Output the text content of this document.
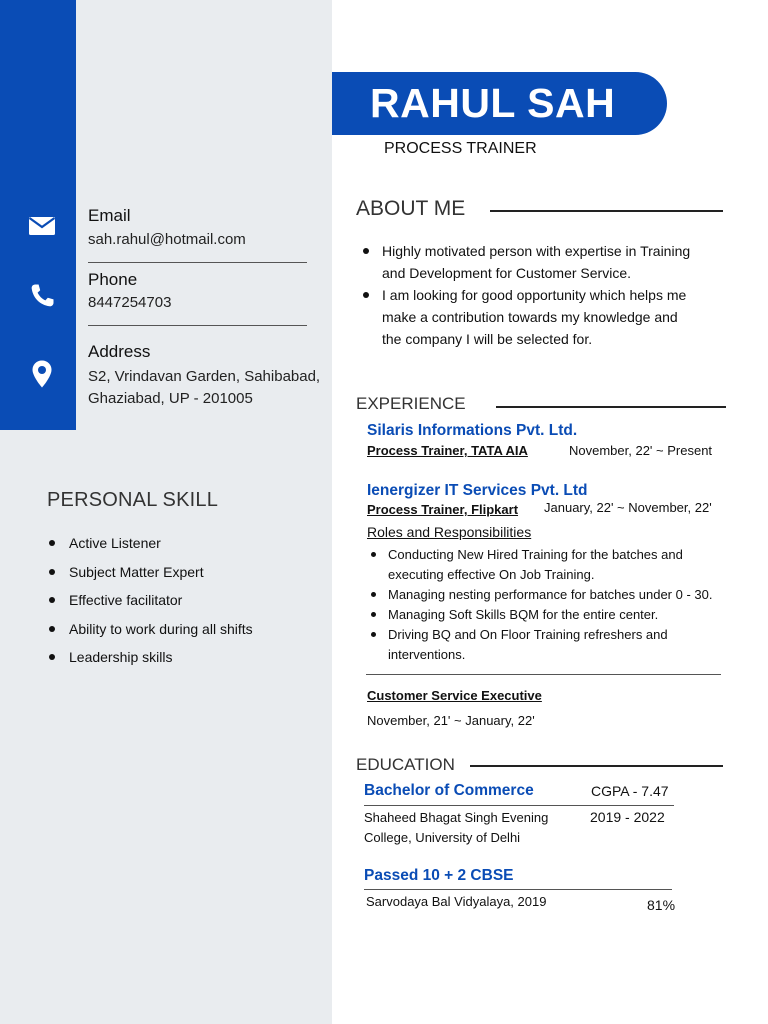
Email
sah.rahul@hotmail.com
Phone
8447254703
Address
S2, Vrindavan Garden, Sahibabad,
Ghaziabad, UP - 201005
PERSONAL SKILL
Active Listener
Subject Matter Expert
Effective facilitator
Ability to work during all shifts
Leadership skills
RAHUL SAH
PROCESS TRAINER
ABOUT ME
Highly motivated person with expertise in Training
and Development for Customer Service.
I am looking for good opportunity which helps me
make a contribution towards my knowledge and
the company I will be selected for.
EXPERIENCE
Silaris Informations Pvt. Ltd.
Process Trainer, TATA AIA	November, 22' ~ Present
Ienergizer IT Services Pvt. Ltd
Process Trainer, Flipkart January, 22' ~ November, 22'
Roles and Responsibilities
Conducting New Hired Training for the batches and
executing effective On Job Training.
Managing nesting performance for batches under 0 - 30.
Managing Soft Skills BQM for the entire center.
Driving BQ and On Floor Training refreshers and
interventions.
Customer Service Executive
November, 21' ~ January, 22'
EDUCATION
Bachelor of Commerce	CGPA - 7.47
Shaheed Bhagat Singh Evening
College, University of Delhi
2019 - 2022
Passed 10 + 2 CBSE
Sarvodaya Bal Vidyalaya, 2019	81%
